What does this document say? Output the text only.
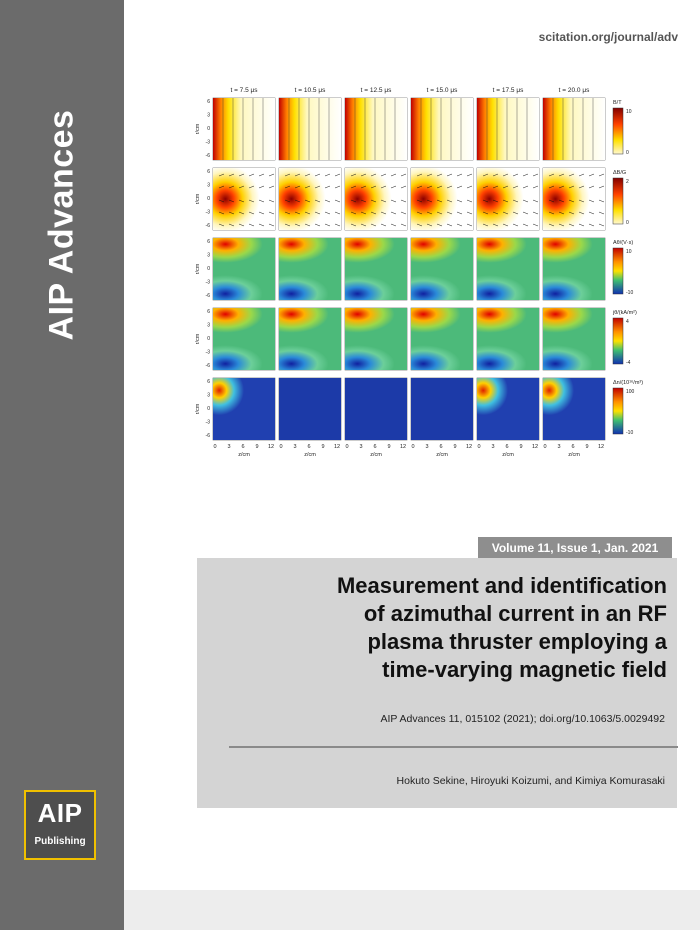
AIP Advances
AIP
Publishing
scitation.org/journal/adv
t = 7.5 μs
0 3 6 9 12
z/cm
t = 10.5 μs
0 3 6 9 12
z/cm
t = 12.5 μs
0 3 6 9 12
z/cm
t = 15.0 μs
0 3 6 9 12
z/cm
t = 17.5 μs
0 3 6 9 12
z/cm
t = 20.0 μs
0 3 6 9 12
z/cm
r/cm
6
3
0
-3
-6
B/T
10
0
r/cm
6
3
0
-3
-6
ΔB/G
2
0
r/cm
6
3
0
-3
-6
Aθ/(V·s)
10
-10
r/cm
6
3
0
-3
-6
jθ/(kA/m²)
4
-4
r/cm
6
3
0
-3
-6
Δn/(10¹⁶/m³)
100
-10
Volume 11, Issue 1, Jan. 2021
Measurement and identification
of azimuthal current in an RF
plasma thruster employing a
time-varying magnetic field
AIP Advances 11, 015102 (2021); doi.org/10.1063/5.0029492
Hokuto Sekine, Hiroyuki Koizumi, and Kimiya Komurasaki
